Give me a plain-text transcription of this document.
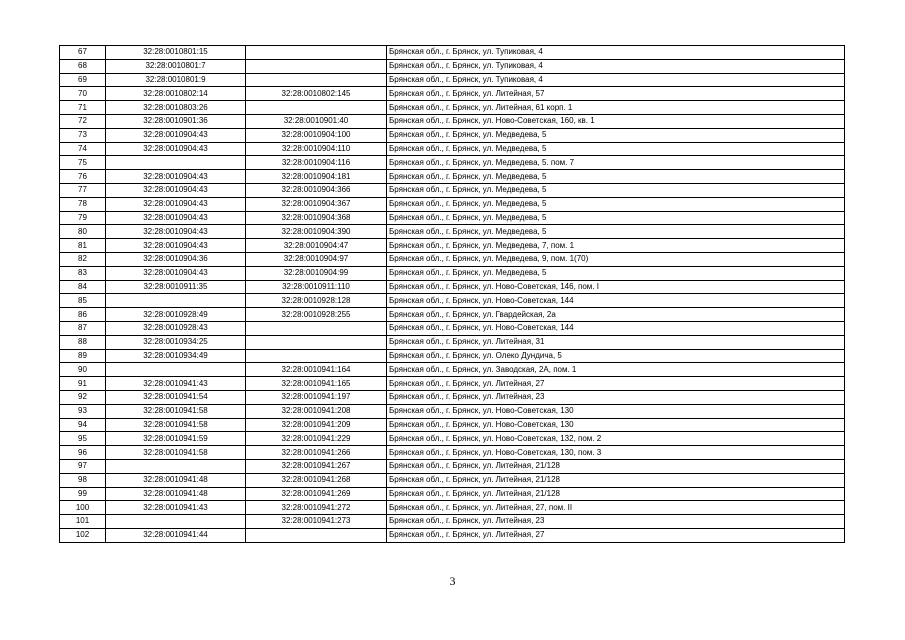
67	32:28:0010801:15		Брянская обл., г. Брянск, ул. Тупиковая, 4
68	32:28:0010801:7		Брянская обл., г. Брянск, ул. Тупиковая, 4
69	32:28:0010801:9		Брянская обл., г. Брянск, ул. Тупиковая, 4
70	32:28:0010802:14	32:28:0010802:145	Брянская обл., г. Брянск, ул. Литейная, 57
71	32:28:0010803:26		Брянская обл., г. Брянск, ул. Литейная, 61 корп. 1
72	32:28:0010901:36	32:28:0010901:40	Брянская обл., г. Брянск, ул. Ново-Советская, 160, кв. 1
73	32:28:0010904:43	32:28:0010904:100	Брянская обл., г. Брянск, ул. Медведева, 5
74	32:28:0010904:43	32:28:0010904:110	Брянская обл., г. Брянск, ул. Медведева, 5
75		32:28:0010904:116	Брянская обл., г. Брянск, ул. Медведева, 5. пом. 7
76	32:28:0010904:43	32:28:0010904:181	Брянская обл., г. Брянск, ул. Медведева, 5
77	32:28:0010904:43	32:28:0010904:366	Брянская обл., г. Брянск, ул. Медведева, 5
78	32:28:0010904:43	32:28:0010904:367	Брянская обл., г. Брянск, ул. Медведева, 5
79	32:28:0010904:43	32:28:0010904:368	Брянская обл., г. Брянск, ул. Медведева, 5
80	32:28:0010904:43	32:28:0010904:390	Брянская обл., г. Брянск, ул. Медведева, 5
81	32:28:0010904:43	32:28:0010904:47	Брянская обл., г. Брянск, ул. Медведева, 7, пом. 1
82	32:28:0010904:36	32:28:0010904:97	Брянская обл., г. Брянск, ул. Медведева, 9, пом. 1(70)
83	32:28:0010904:43	32:28:0010904:99	Брянская обл., г. Брянск, ул. Медведева, 5
84	32:28:0010911:35	32:28:0010911:110	Брянская обл., г. Брянск, ул. Ново-Советская, 146, пом. I
85		32:28:0010928:128	Брянская обл., г. Брянск, ул. Ново-Советская, 144
86	32:28:0010928:49	32:28:0010928:255	Брянская обл., г. Брянск, ул. Гвардейская, 2а
87	32:28:0010928:43		Брянская обл., г. Брянск, ул. Ново-Советская, 144
88	32:28:0010934:25		Брянская обл., г. Брянск, ул. Литейная, 31
89	32:28:0010934:49		Брянская обл., г. Брянск, ул. Олеко Дундича, 5
90		32:28:0010941:164	Брянская обл., г. Брянск, ул. Заводская, 2А, пом. 1
91	32:28:0010941:43	32:28:0010941:165	Брянская обл., г. Брянск, ул. Литейная, 27
92	32:28:0010941:54	32:28:0010941:197	Брянская обл., г. Брянск, ул. Литейная, 23
93	32:28:0010941:58	32:28:0010941:208	Брянская обл., г. Брянск, ул. Ново-Советская, 130
94	32:28:0010941:58	32:28:0010941:209	Брянская обл., г. Брянск, ул. Ново-Советская, 130
95	32:28:0010941:59	32:28:0010941:229	Брянская обл., г. Брянск, ул. Ново-Советская, 132, пом. 2
96	32:28:0010941:58	32:28:0010941:266	Брянская обл., г. Брянск, ул. Ново-Советская, 130, пом. 3
97		32:28:0010941:267	Брянская обл., г. Брянск, ул. Литейная, 21/128
98	32:28:0010941:48	32:28:0010941:268	Брянская обл., г. Брянск, ул. Литейная, 21/128
99	32:28:0010941:48	32:28:0010941:269	Брянская обл., г. Брянск, ул. Литейная, 21/128
100	32:28:0010941:43	32:28:0010941:272	Брянская обл., г. Брянск, ул. Литейная, 27, пом. II
101		32:28:0010941:273	Брянская обл., г. Брянск, ул. Литейная, 23
102	32:28:0010941:44		Брянская обл., г. Брянск, ул. Литейная, 27
3
